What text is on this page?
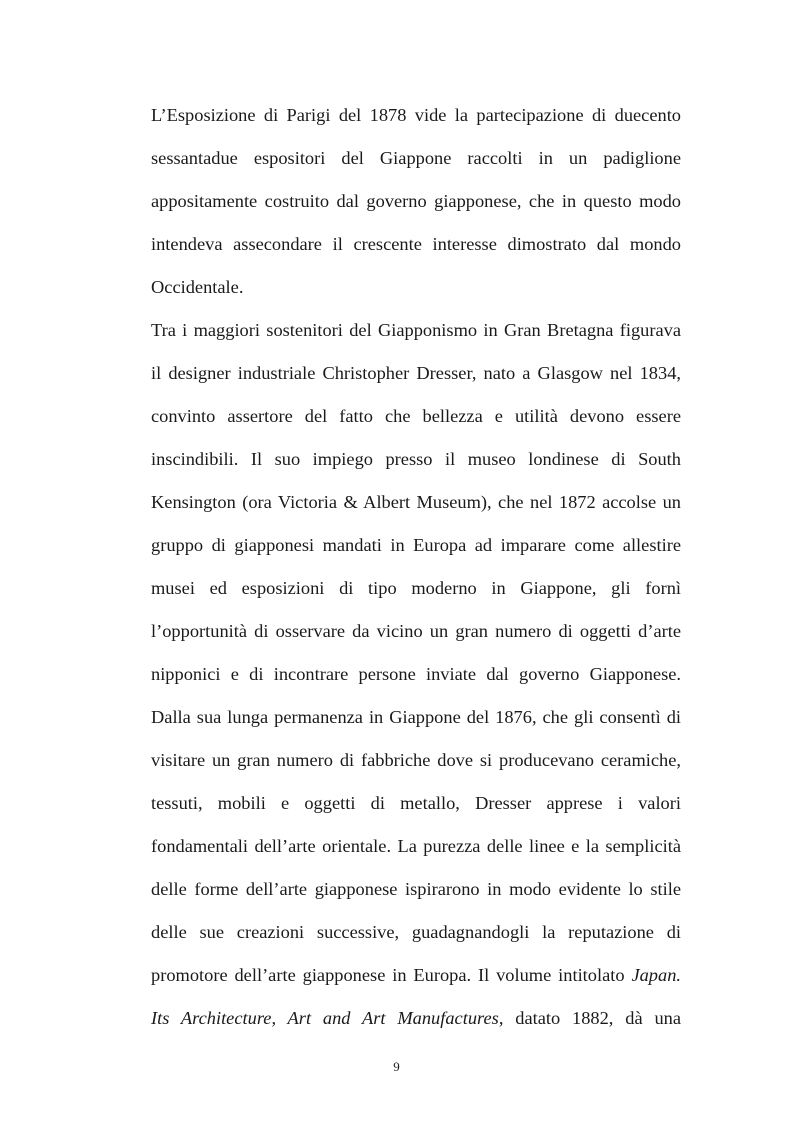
L’Esposizione di Parigi del 1878 vide la partecipazione di duecento
sessantadue espositori del Giappone raccolti in un padiglione
appositamente costruito dal governo giapponese, che in questo modo
intendeva assecondare il crescente interesse dimostrato dal mondo
Occidentale.
Tra i maggiori sostenitori del Giapponismo in Gran Bretagna figurava
il designer industriale Christopher Dresser, nato a Glasgow nel 1834,
convinto assertore del fatto che bellezza e utilità devono essere
inscindibili. Il suo impiego presso il museo londinese di South
Kensington (ora Victoria & Albert Museum), che nel 1872 accolse un
gruppo di giapponesi mandati in Europa ad imparare come allestire
musei ed esposizioni di tipo moderno in Giappone, gli fornì
l’opportunità di osservare da vicino un gran numero di oggetti d’arte
nipponici e di incontrare persone inviate dal governo Giapponese.
Dalla sua lunga permanenza in Giappone del 1876, che gli consentì di
visitare un gran numero di fabbriche dove si producevano ceramiche,
tessuti, mobili e oggetti di metallo, Dresser apprese i valori
fondamentali dell’arte orientale. La purezza delle linee e la semplicità
delle forme dell’arte giapponese ispirarono in modo evidente lo stile
delle sue creazioni successive, guadagnandogli la reputazione di
promotore dell’arte giapponese in Europa. Il volume intitolato Japan.
Its Architecture, Art and Art Manufactures, datato 1882, dà una
9
